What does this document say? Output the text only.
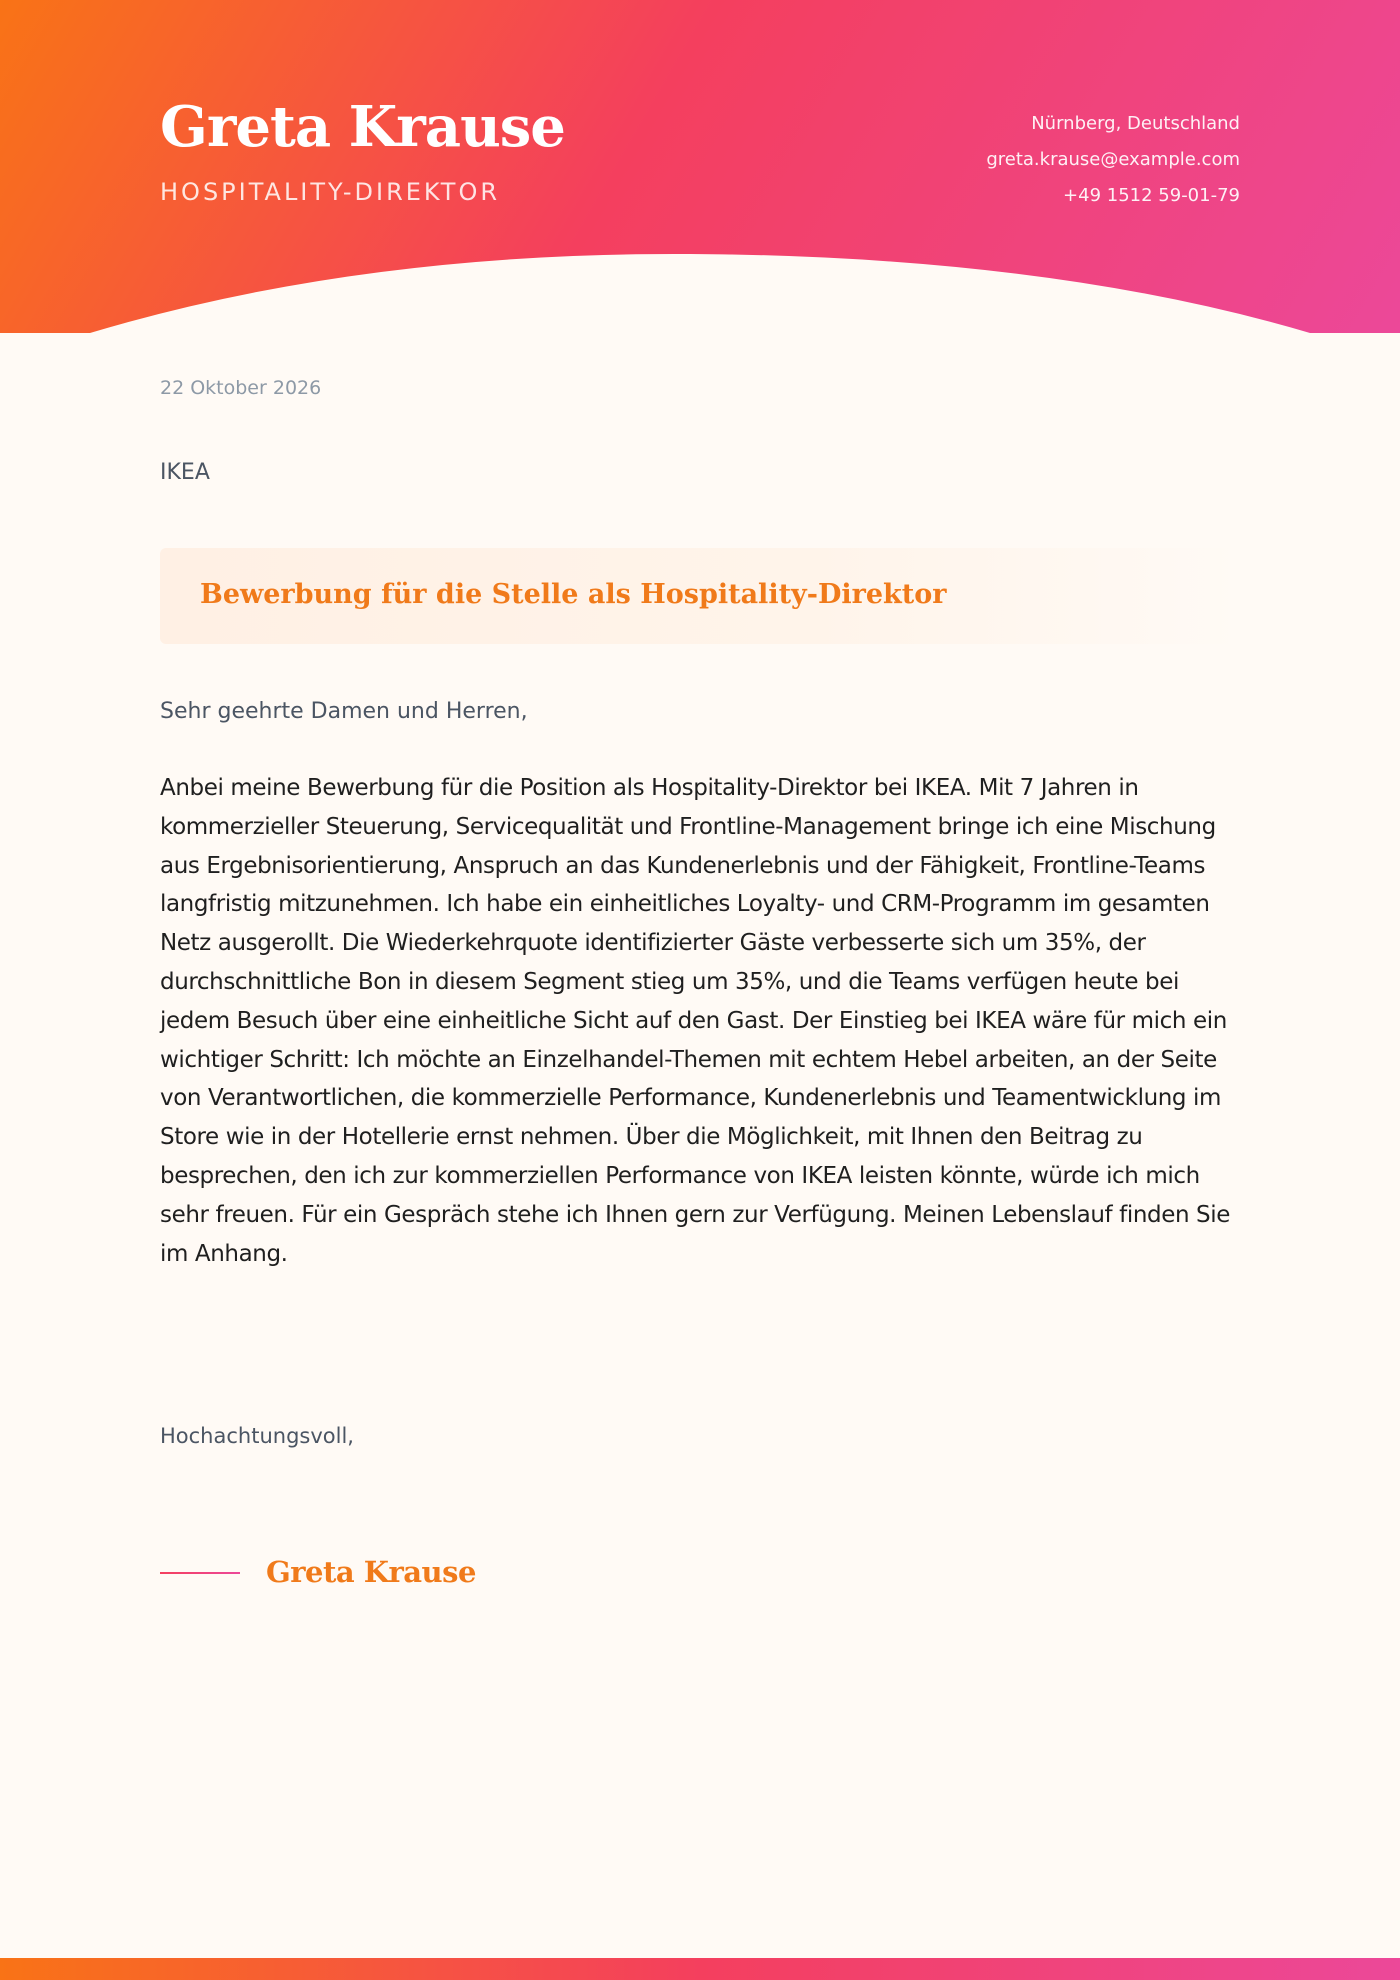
Greta Krause

HOSPITALITY-DIREKTOR

Nürnberg, Deutschland
greta.krause@example.com
+49 1512 59-01-79
22 Oktober 2026
IKEA
Bewerbung für die Stelle als Hospitality-Direktor
Sehr geehrte Damen und Herren,

Anbei meine Bewerbung für die Position als Hospitality-Direktor bei IKEA. Mit 7 Jahren in kommerzieller Steuerung, Servicequalität und Frontline-Management bringe ich eine Mischung aus Ergebnisorientierung, Anspruch an das Kundenerlebnis und der Fähigkeit, Frontline-Teams langfristig mitzunehmen. Ich habe ein einheitliches Loyalty- und CRM-Programm im gesamten Netz ausgerollt. Die Wiederkehrquote identifizierter Gäste verbesserte sich um 35%, der durchschnittliche Bon in diesem Segment stieg um 35%, und die Teams verfügen heute bei jedem Besuch über eine einheitliche Sicht auf den Gast. Der Einstieg bei IKEA wäre für mich ein wichtiger Schritt: Ich möchte an Einzelhandel-Themen mit echtem Hebel arbeiten, an der Seite von Verantwortlichen, die kommerzielle Performance, Kundenerlebnis und Teamentwicklung im Store wie in der Hotellerie ernst nehmen. Über die Möglichkeit, mit Ihnen den Beitrag zu besprechen, den ich zur kommerziellen Performance von IKEA leisten könnte, würde ich mich sehr freuen. Für ein Gespräch stehe ich Ihnen gern zur Verfügung. Meinen Lebenslauf finden Sie im Anhang.

Hochachtungsvoll,
Greta Krause
